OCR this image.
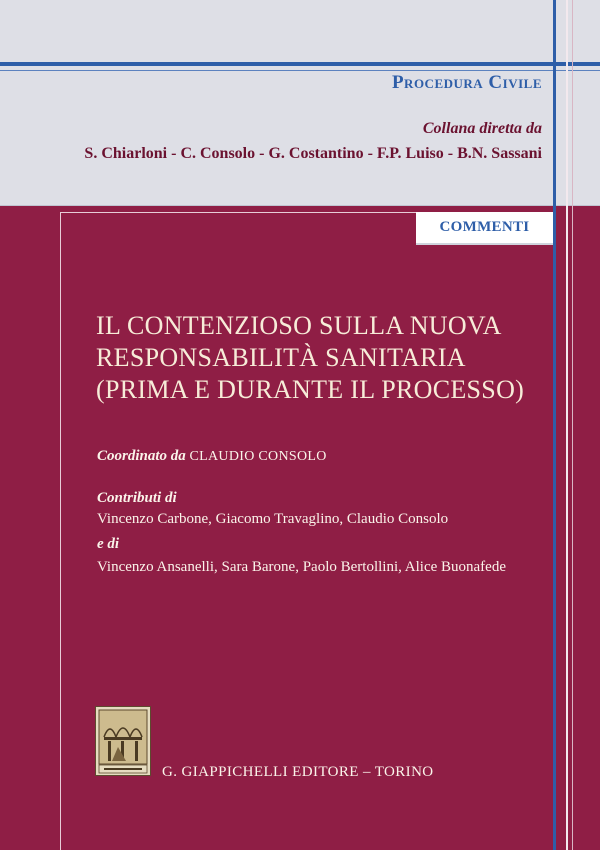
Procedura Civile
Collana diretta da
S. Chiarloni - C. Consolo - G. Costantino - F.P. Luiso - B.N. Sassani
COMMENTI
IL CONTENZIOSO SULLA NUOVA
RESPONSABILITÀ SANITARIA
(PRIMA E DURANTE IL PROCESSO)
Coordinato da CLAUDIO CONSOLO
Contributi di
Vincenzo Carbone, Giacomo Travaglino, Claudio Consolo
e di
Vincenzo Ansanelli, Sara Barone, Paolo Bertollini, Alice Buonafede
G. GIAPPICHELLI EDITORE – TORINO
